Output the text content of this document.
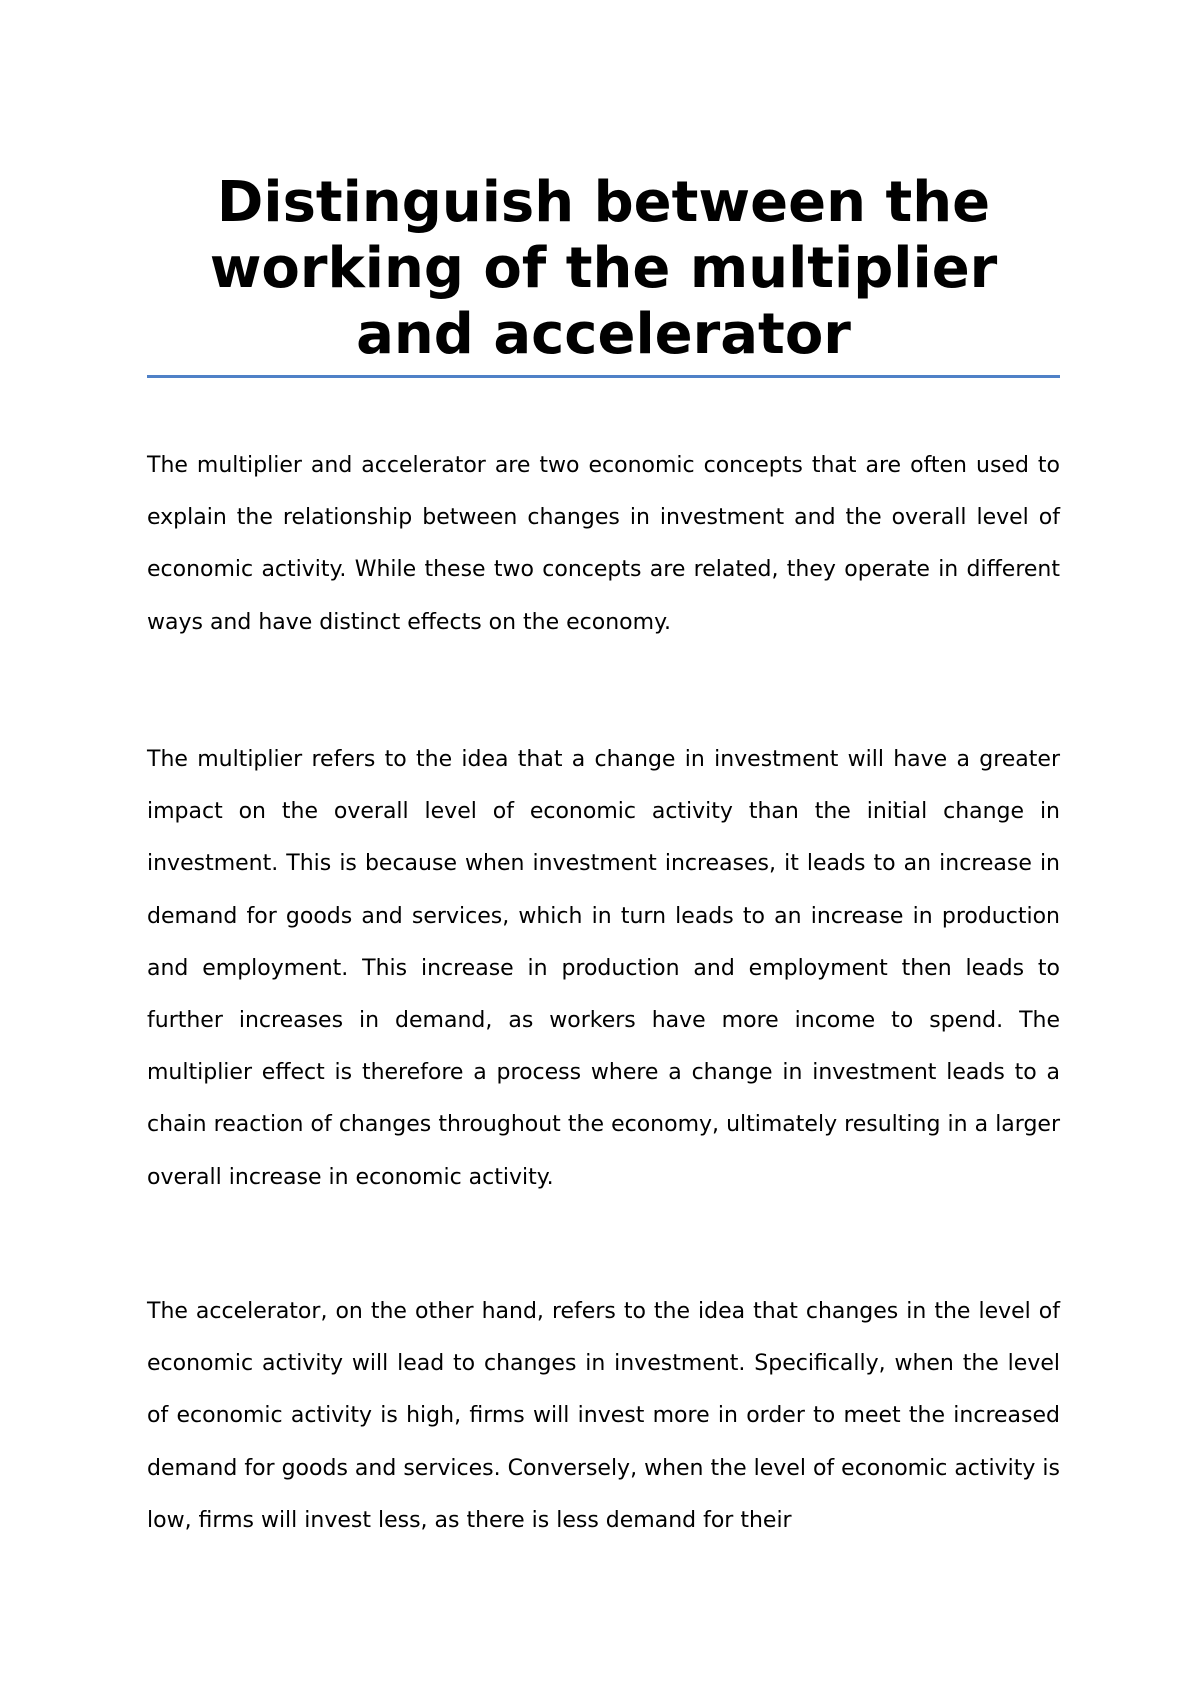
Distinguish between the working of the multiplier and accelerator

The multiplier and accelerator are two economic concepts that are often used to explain the relationship between changes in investment and the overall level of economic activity. While these two concepts are related, they operate in different ways and have distinct effects on the economy.

The multiplier refers to the idea that a change in investment will have a greater impact on the overall level of economic activity than the initial change in investment. This is because when investment increases, it leads to an increase in demand for goods and services, which in turn leads to an increase in production and employment. This increase in production and employment then leads to further increases in demand, as workers have more income to spend. The multiplier effect is therefore a process where a change in investment leads to a chain reaction of changes throughout the economy, ultimately resulting in a larger overall increase in economic activity.

The accelerator, on the other hand, refers to the idea that changes in the level of economic activity will lead to changes in investment. Specifically, when the level of economic activity is high, firms will invest more in order to meet the increased demand for goods and services. Conversely, when the level of economic activity is low, firms will invest less, as there is less demand for their
